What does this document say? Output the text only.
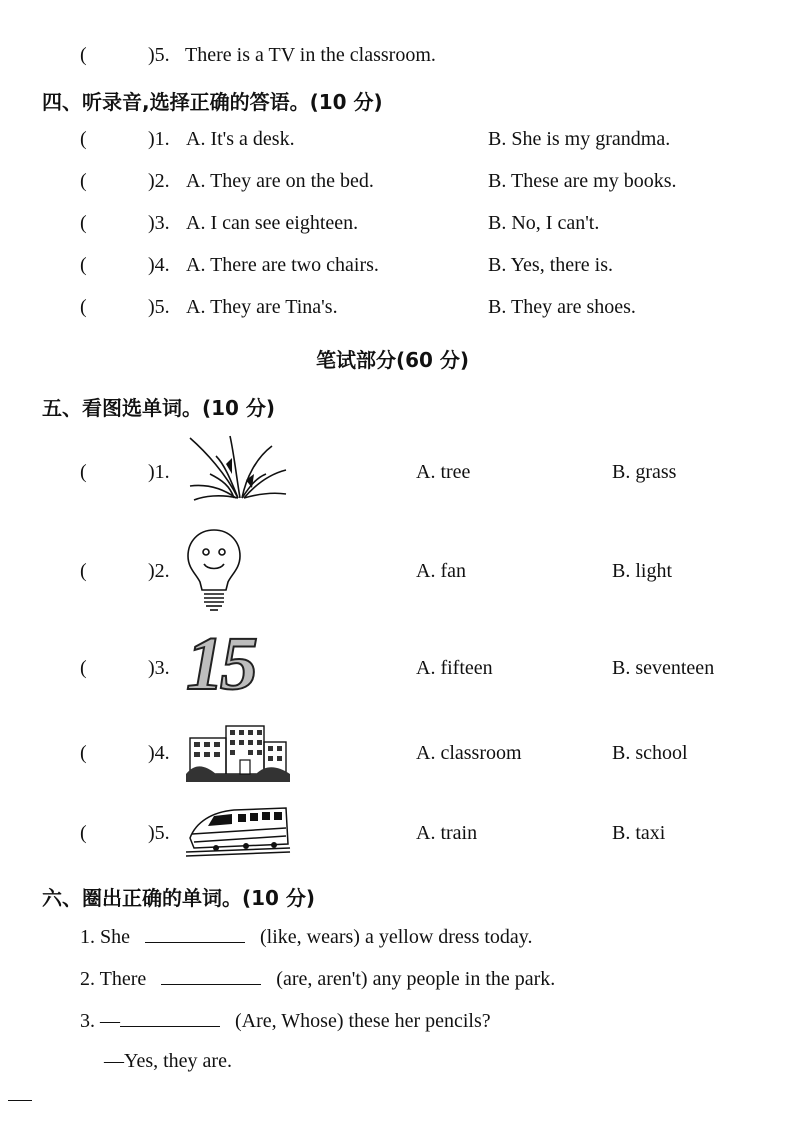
(	)5. There is a TV in the classroom.
四、听录音,选择正确的答语。(10 分)
(	)1. A. It's a desk.	B. She is my grandma.
(	)2. A. They are on the bed.	B. These are my books.
(	)3. A. I can see eighteen.	B. No, I can't.
(	)4. A. There are two chairs.	B. Yes, there is.
(	)5. A. They are Tina's.	B. They are shoes.
笔试部分(60 分)
五、看图选单词。(10 分)
(	)1.	A. tree	B. grass
(	)2.	A. fan	B. light
(	)3. 15	A. fifteen	B. seventeen
(	)4.	A. classroom	B. school
(	)5.	A. train	B. taxi
六、圈出正确的单词。(10 分)
1. She	(like, wears) a yellow dress today.
2. There	(are, aren't) any people in the park.
3. —	(Are, Whose) these her pencils?
—Yes, they are.
